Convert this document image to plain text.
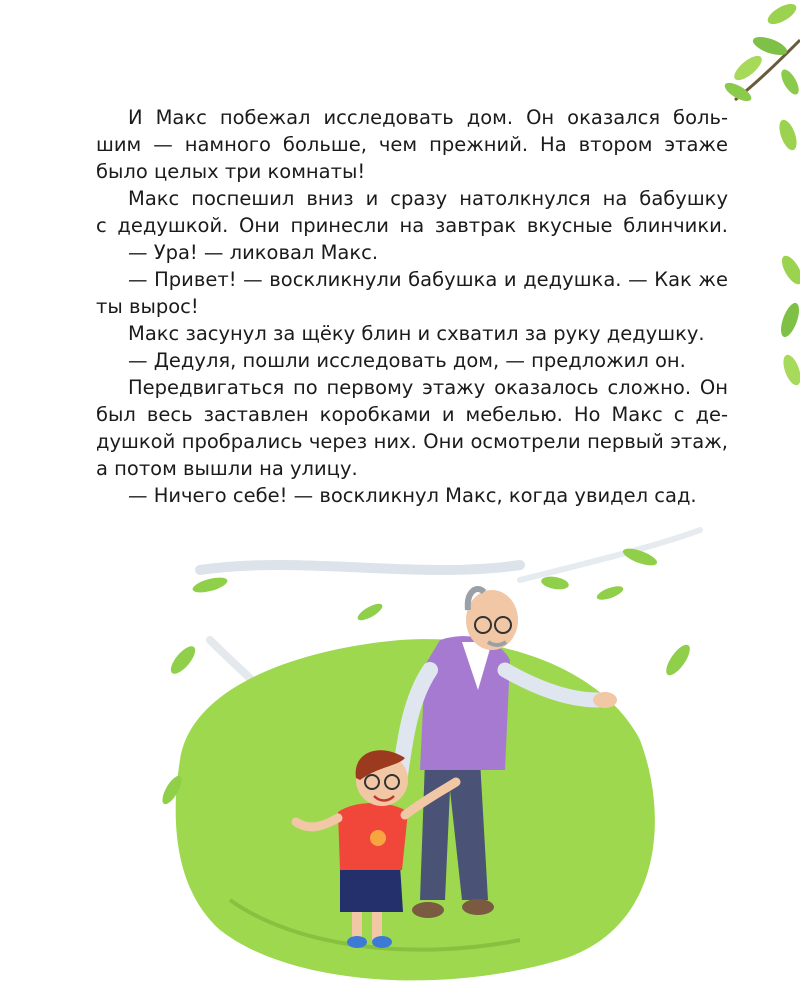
И Макс побежал исследовать дом. Он оказался боль-
шим — намного больше, чем прежний. На втором этаже
было целых три комнаты!
Макс поспешил вниз и сразу натолкнулся на бабушку
с дедушкой. Они принесли на завтрак вкусные блинчики.
— Ура! — ликовал Макс.
— Привет! — воскликнули бабушка и дедушка. — Как же
ты вырос!
Макс засунул за щёку блин и схватил за руку дедушку.
— Дедуля, пошли исследовать дом, — предложил он.
Передвигаться по первому этажу оказалось сложно. Он
был весь заставлен коробками и мебелью. Но Макс с де-
душкой пробрались через них. Они осмотрели первый этаж,
а потом вышли на улицу.
— Ничего себе! — воскликнул Макс, когда увидел сад.
